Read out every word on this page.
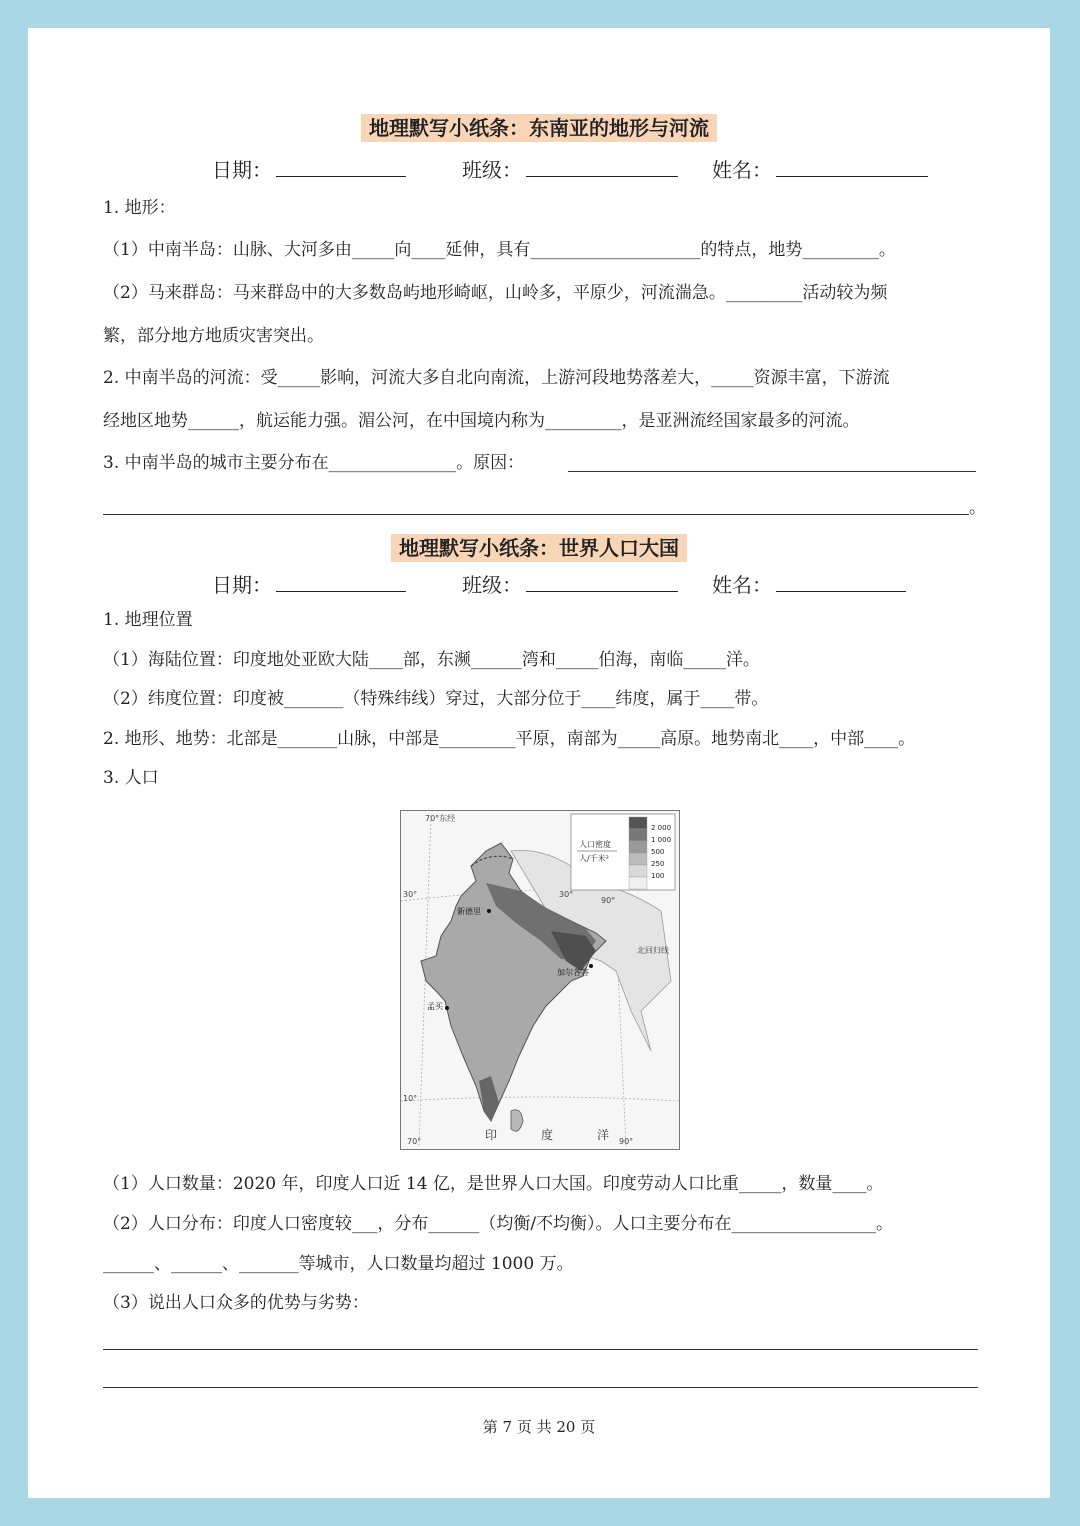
地理默写小纸条：东南亚的地形与河流
日期：	班级：	姓名：
1. 地形：
（1）中南半岛：山脉、大河多由_____向____延伸，具有____________________的特点，地势_________。
（2）马来群岛：马来群岛中的大多数岛屿地形崎岖，山岭多，平原少，河流湍急。_________活动较为频
繁，部分地方地质灾害突出。
2. 中南半岛的河流：受_____影响，河流大多自北向南流，上游河段地势落差大，_____资源丰富，下游流
经地区地势______，航运能力强。湄公河，在中国境内称为_________，是亚洲流经国家最多的河流。
3. 中南半岛的城市主要分布在_______________。原因：
。
地理默写小纸条：世界人口大国
日期：	班级：	姓名：
1. 地理位置
（1）海陆位置：印度地处亚欧大陆____部，东濒______湾和_____伯海，南临_____洋。
（2）纬度位置：印度被_______（特殊纬线）穿过，大部分位于____纬度，属于____带。
2. 地形、地势：北部是_______山脉，中部是_________平原，南部为_____高原。地势南北____，中部____。
3. 人口
人口密度
人/千米²
2 000
1 000
500
250
100
70°东经
30°	30°
90°
北回归线
新德里
加尔各答
孟买
10°
70°	90°
印	度	洋
（1）人口数量：2020 年，印度人口近 14 亿，是世界人口大国。印度劳动人口比重_____，数量____。
（2）人口分布：印度人口密度较___，分布______（均衡/不均衡）。人口主要分布在_________________。
______、______、_______等城市，人口数量均超过 1000 万。
（3）说出人口众多的优势与劣势：
第 7 页 共 20 页
